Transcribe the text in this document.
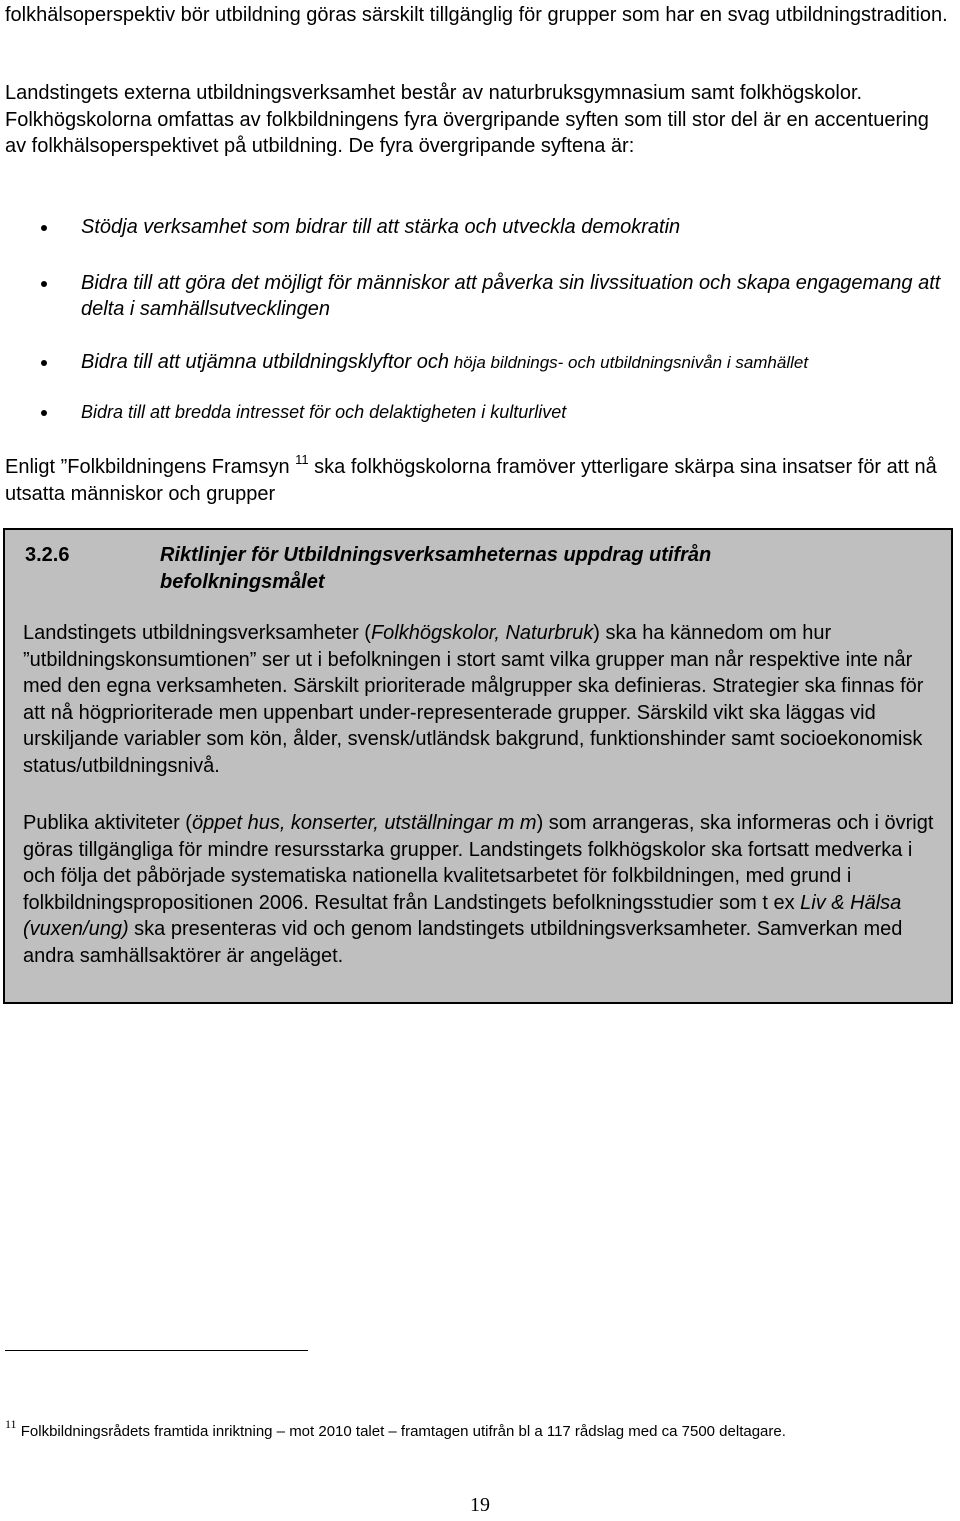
folkhälsoperspektiv bör utbildning göras särskilt tillgänglig för grupper som har en svag utbildningstradition.

Landstingets externa utbildningsverksamhet består av naturbruksgymnasium samt folkhögskolor. Folkhögskolorna omfattas av folkbildningens fyra övergripande syften som till stor del är en accentuering av folkhälsoperspektivet på utbildning. De fyra övergripande syftena är:

Stödja verksamhet som bidrar till att stärka och utveckla demokratin
Bidra till att göra det möjligt för människor att påverka sin livssituation och skapa engagemang att delta i samhällsutvecklingen
Bidra till att utjämna utbildningsklyftor och höja bildnings- och utbildningsnivån i samhället
Bidra till att bredda intresset för och delaktigheten i kulturlivet

Enligt ”Folkbildningens Framsyn $^{11}$ ska folkhögskolorna framöver ytterligare skärpa sina insatser för att nå utsatta människor och grupper

3.2.6	Riktlinjer för Utbildningsverksamheternas uppdrag utifrån befolkningsmålet

Landstingets utbildningsverksamheter (Folkhögskolor, Naturbruk) ska ha kännedom om hur ”utbildningskonsumtionen” ser ut i befolkningen i stort samt vilka grupper man når respektive inte når med den egna verksamheten. Särskilt prioriterade målgrupper ska definieras. Strategier ska finnas för att nå högprioriterade men uppenbart under-representerade grupper. Särskild vikt ska läggas vid urskiljande variabler som kön, ålder, svensk/utländsk bakgrund, funktionshinder samt socioekonomisk status/utbildningsnivå.

Publika aktiviteter (öppet hus, konserter, utställningar m m) som arrangeras, ska informeras och i övrigt göras tillgängliga för mindre resursstarka grupper. Landstingets folkhögskolor ska fortsatt medverka i och följa det påbörjade systematiska nationella kvalitetsarbetet för folkbildningen, med grund i folkbildningspropositionen 2006. Resultat från Landstingets befolkningsstudier som t ex Liv & Hälsa (vuxen/ung) ska presenteras vid och genom landstingets utbildningsverksamheter. Samverkan med andra samhällsaktörer är angeläget.

$^{11}$ Folkbildningsrådets framtida inriktning – mot 2010 talet – framtagen utifrån bl a 117 rådslag med ca 7500 deltagare.
19
